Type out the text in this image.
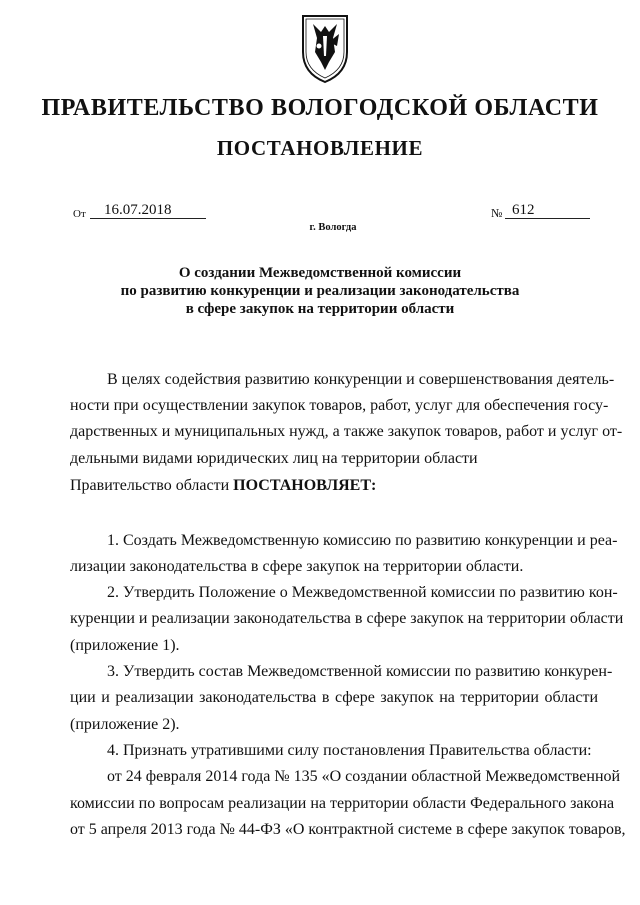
ПРАВИТЕЛЬСТВО ВОЛОГОДСКОЙ ОБЛАСТИ
ПОСТАНОВЛЕНИЕ
От 16.07.2018	№ 612
г. Вологда
О создании Межведомственной комиссии
по развитию конкуренции и реализации законодательства
в сфере закупок на территории области
В целях содействия развитию конкуренции и совершенствования деятель-
ности при осуществлении закупок товаров, работ, услуг для обеспечения госу-
дарственных и муниципальных нужд, а также закупок товаров, работ и услуг от-
дельными видами юридических лиц на территории области
Правительство области ПОСТАНОВЛЯЕТ:
1. Создать Межведомственную комиссию по развитию конкуренции и реа-
лизации законодательства в сфере закупок на территории области.
2. Утвердить Положение о Межведомственной комиссии по развитию кон-
куренции и реализации законодательства в сфере закупок на территории области
(приложение 1).
3. Утвердить состав Межведомственной комиссии по развитию конкурен-
ции и реализации законодательства в сфере закупок на территории области
(приложение 2).
4. Признать утратившими силу постановления Правительства области:
от 24 февраля 2014 года № 135 «О создании областной Межведомственной
комиссии по вопросам реализации на территории области Федерального закона
от 5 апреля 2013 года № 44-ФЗ «О контрактной системе в сфере закупок товаров,
